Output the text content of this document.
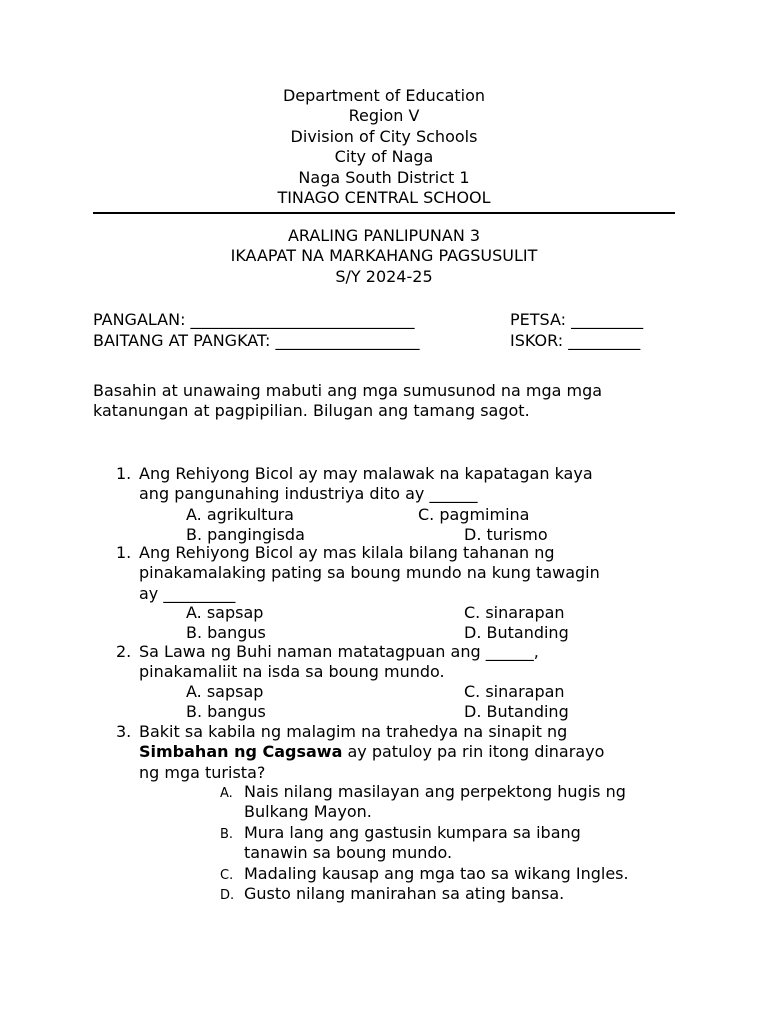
Department of Education
Region V
Division of City Schools
City of Naga
Naga South District 1
TINAGO CENTRAL SCHOOL
ARALING PANLIPUNAN 3
IKAAPAT NA MARKAHANG PAGSUSULIT
S/Y 2024-25
PANGALAN: ____________________________	PETSA: _________
BAITANG AT PANGKAT: __________________	ISKOR: _________
Basahin at unawaing mabuti ang mga sumusunod na mga mga
katanungan at pagpipilian. Bilugan ang tamang sagot.
1. Ang Rehiyong Bicol ay may malawak na kapatagan kaya
ang pangunahing industriya dito ay ______
A. agrikultura	C. pagmimina
B. pangingisda	D. turismo
1. Ang Rehiyong Bicol ay mas kilala bilang tahanan ng
pinakamalaking pating sa boung mundo na kung tawagin
ay _________
A. sapsap	C. sinarapan
B. bangus	D. Butanding
2. Sa Lawa ng Buhi naman matatagpuan ang ______,
pinakamaliit na isda sa boung mundo.
A. sapsap	C. sinarapan
B. bangus	D. Butanding
3. Bakit sa kabila ng malagim na trahedya na sinapit ng
Simbahan ng Cagsawa ay patuloy pa rin itong dinarayo
ng mga turista?
A. Nais nilang masilayan ang perpektong hugis ng
Bulkang Mayon.
B. Mura lang ang gastusin kumpara sa ibang
tanawin sa boung mundo.
C. Madaling kausap ang mga tao sa wikang Ingles.
D. Gusto nilang manirahan sa ating bansa.
